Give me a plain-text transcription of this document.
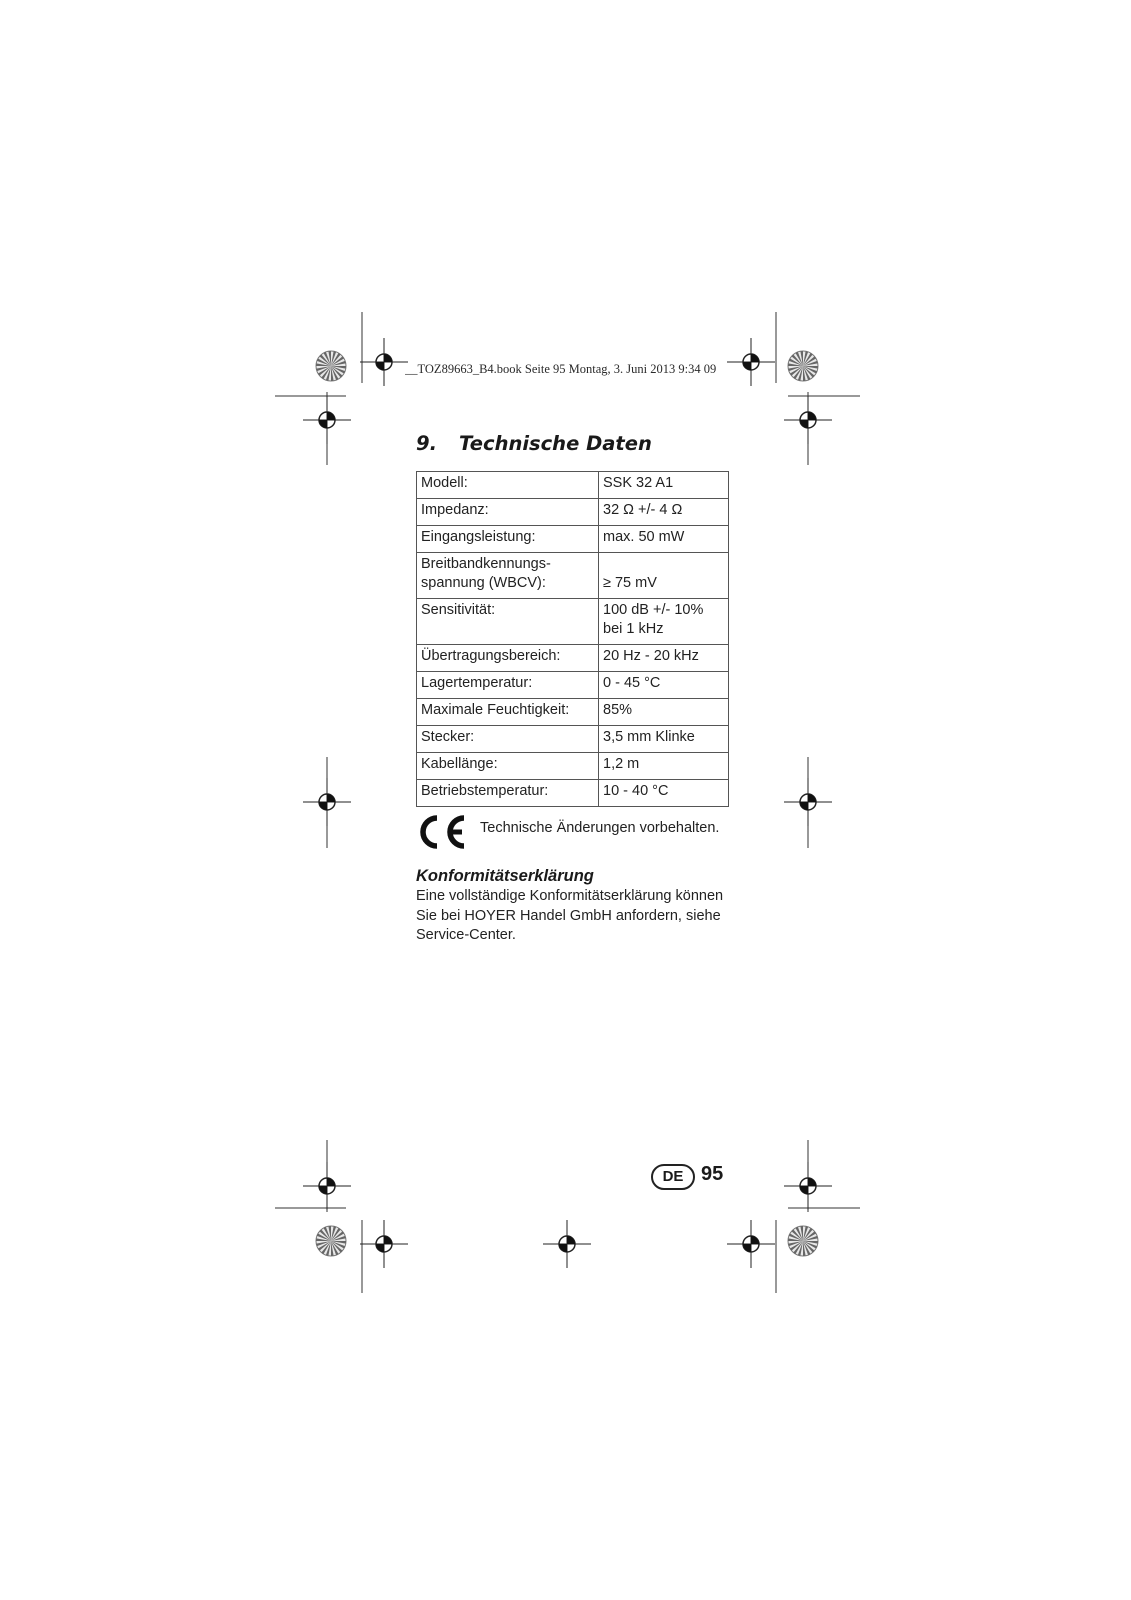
__TOZ89663_B4.book Seite 95 Montag, 3. Juni 2013 9:34 09
9. Technische Daten
Modell:	SSK 32 A1
Impedanz:	32 Ω +/- 4 Ω
Eingangsleistung:	max. 50 mW
Breitbandkennungs-
spannung (WBCV):	≥ 75 mV
Sensitivität:	100 dB +/- 10%
bei 1 kHz
Übertragungsbereich:	20 Hz - 20 kHz
Lagertemperatur:	0 - 45 °C
Maximale Feuchtigkeit:	85%
Stecker:	3,5 mm Klinke
Kabellänge:	1,2 m
Betriebstemperatur:	10 - 40 °C
Technische Änderungen vorbehalten.
Konformitätserklärung
Eine vollständige Konformitätserklärung können
Sie bei HOYER Handel GmbH anfordern, siehe
Service-Center.
DE 95
